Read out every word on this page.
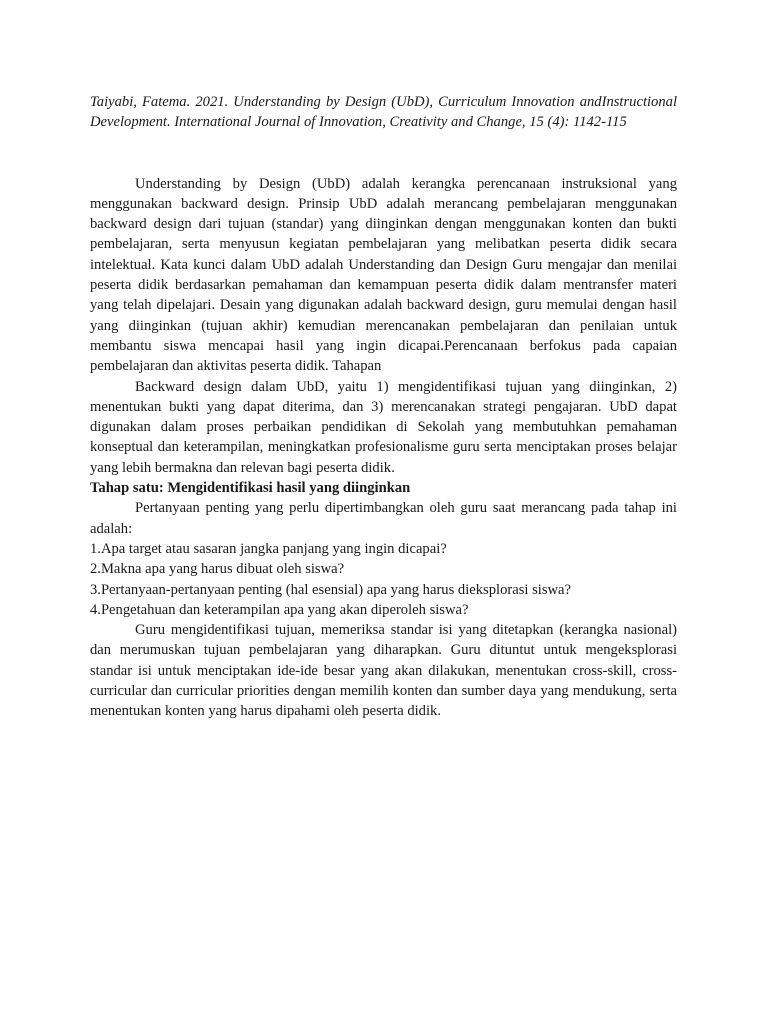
Taiyabi, Fatema. 2021. Understanding by Design (UbD), Curriculum Innovation andInstructional Development. International Journal of Innovation, Creativity and Change, 15 (4): 1142-115

Understanding by Design (UbD) adalah kerangka perencanaan instruksional yang menggunakan backward design. Prinsip UbD adalah merancang pembelajaran menggunakan backward design dari tujuan (standar) yang diinginkan dengan menggunakan konten dan bukti pembelajaran, serta menyusun kegiatan pembelajaran yang melibatkan peserta didik secara intelektual. Kata kunci dalam UbD adalah Understanding dan Design Guru mengajar dan menilai peserta didik berdasarkan pemahaman dan kemampuan peserta didik dalam mentransfer materi yang telah dipelajari. Desain yang digunakan adalah backward design, guru memulai dengan hasil yang diinginkan (tujuan akhir) kemudian merencanakan pembelajaran dan penilaian untuk membantu siswa mencapai hasil yang ingin dicapai.Perencanaan berfokus pada capaian pembelajaran dan aktivitas peserta didik. Tahapan

Backward design dalam UbD, yaitu 1) mengidentifikasi tujuan yang diinginkan, 2) menentukan bukti yang dapat diterima, dan 3) merencanakan strategi pengajaran. UbD dapat digunakan dalam proses perbaikan pendidikan di Sekolah yang membutuhkan pemahaman konseptual dan keterampilan, meningkatkan profesionalisme guru serta menciptakan proses belajar yang lebih bermakna dan relevan bagi peserta didik.

Tahap satu: Mengidentifikasi hasil yang diinginkan

Pertanyaan penting yang perlu dipertimbangkan oleh guru saat merancang pada tahap ini adalah:

1.Apa target atau sasaran jangka panjang yang ingin dicapai?
2.Makna apa yang harus dibuat oleh siswa?
3.Pertanyaan-pertanyaan penting (hal esensial) apa yang harus dieksplorasi siswa?
4.Pengetahuan dan keterampilan apa yang akan diperoleh siswa?

Guru mengidentifikasi tujuan, memeriksa standar isi yang ditetapkan (kerangka nasional) dan merumuskan tujuan pembelajaran yang diharapkan. Guru dituntut untuk mengeksplorasi standar isi untuk menciptakan ide-ide besar yang akan dilakukan, menentukan cross-skill, cross-curricular dan curricular priorities dengan memilih konten dan sumber daya yang mendukung, serta menentukan konten yang harus dipahami oleh peserta didik.
